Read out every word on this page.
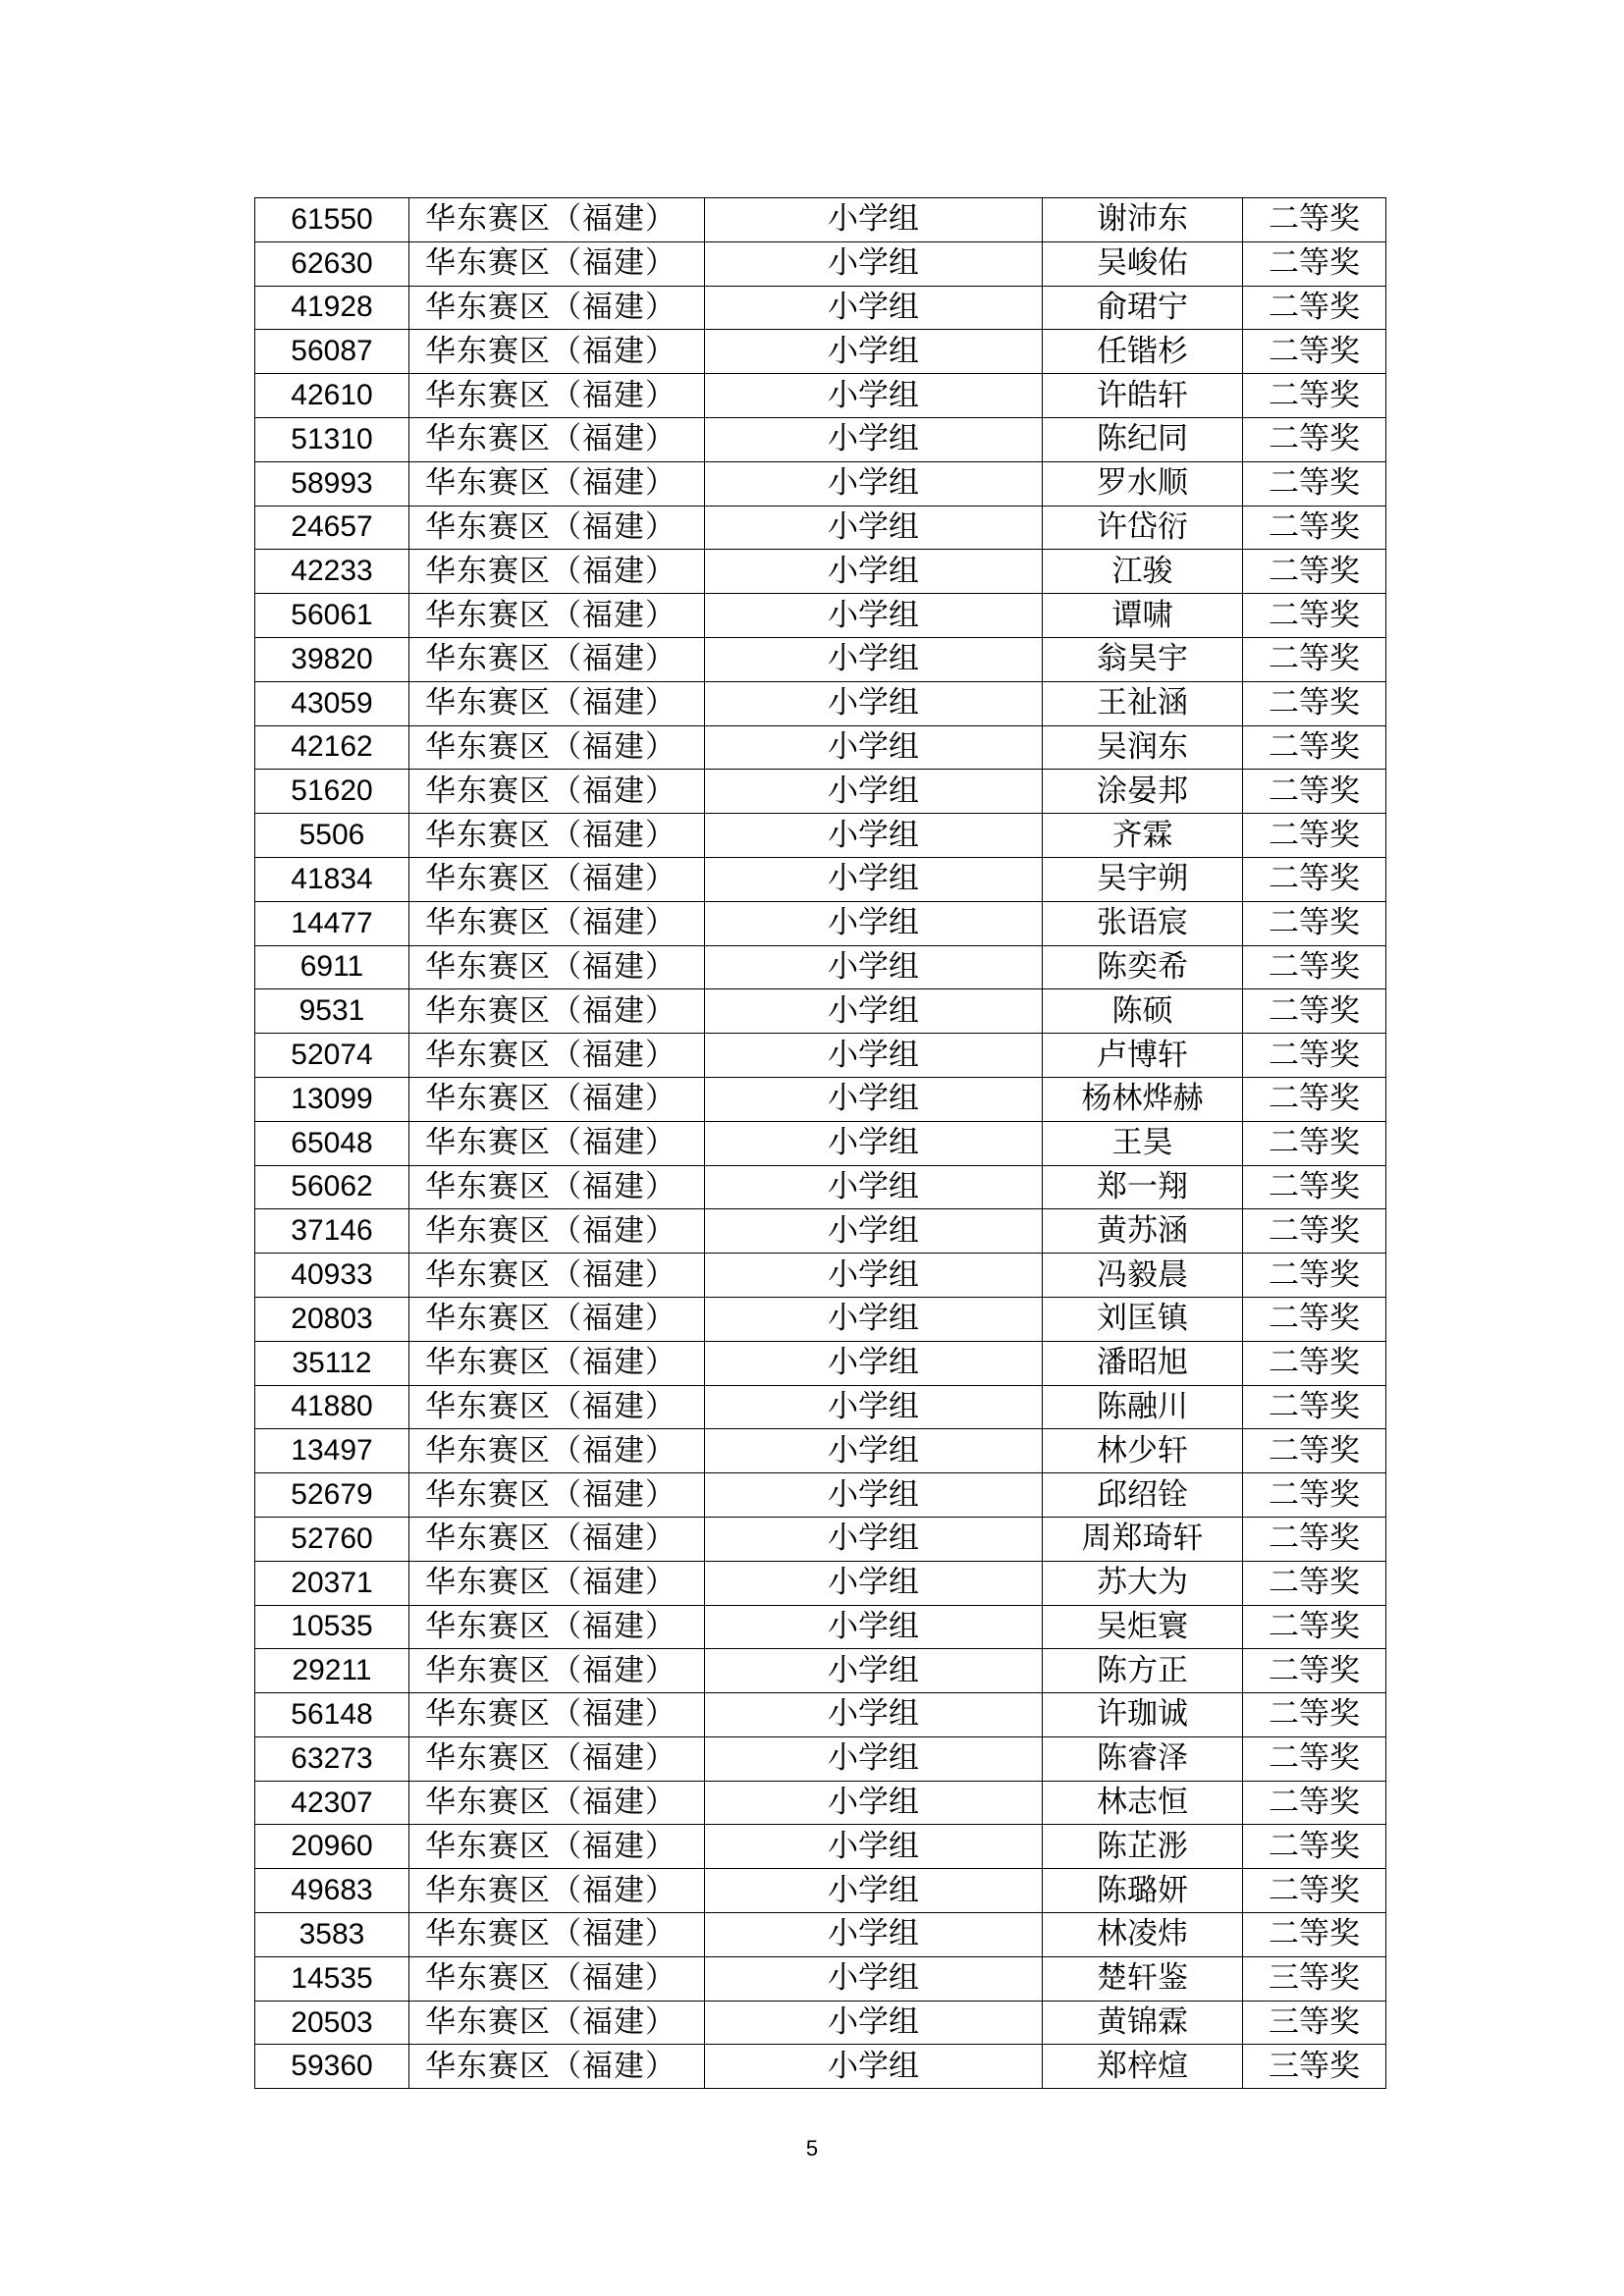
61550	华东赛区（福建）	小学组	谢沛东	二等奖
62630	华东赛区（福建）	小学组	吴峻佑	二等奖
41928	华东赛区（福建）	小学组	俞珺宁	二等奖
56087	华东赛区（福建）	小学组	任锴杉	二等奖
42610	华东赛区（福建）	小学组	许皓轩	二等奖
51310	华东赛区（福建）	小学组	陈纪同	二等奖
58993	华东赛区（福建）	小学组	罗水顺	二等奖
24657	华东赛区（福建）	小学组	许岱衍	二等奖
42233	华东赛区（福建）	小学组	江骏	二等奖
56061	华东赛区（福建）	小学组	谭啸	二等奖
39820	华东赛区（福建）	小学组	翁昊宇	二等奖
43059	华东赛区（福建）	小学组	王祉涵	二等奖
42162	华东赛区（福建）	小学组	吴润东	二等奖
51620	华东赛区（福建）	小学组	涂晏邦	二等奖
5506	华东赛区（福建）	小学组	齐霖	二等奖
41834	华东赛区（福建）	小学组	吴宇朔	二等奖
14477	华东赛区（福建）	小学组	张语宸	二等奖
6911	华东赛区（福建）	小学组	陈奕希	二等奖
9531	华东赛区（福建）	小学组	陈硕	二等奖
52074	华东赛区（福建）	小学组	卢博轩	二等奖
13099	华东赛区（福建）	小学组	杨林烨赫	二等奖
65048	华东赛区（福建）	小学组	王昊	二等奖
56062	华东赛区（福建）	小学组	郑一翔	二等奖
37146	华东赛区（福建）	小学组	黄苏涵	二等奖
40933	华东赛区（福建）	小学组	冯毅晨	二等奖
20803	华东赛区（福建）	小学组	刘匡镇	二等奖
35112	华东赛区（福建）	小学组	潘昭旭	二等奖
41880	华东赛区（福建）	小学组	陈融川	二等奖
13497	华东赛区（福建）	小学组	林少轩	二等奖
52679	华东赛区（福建）	小学组	邱绍铨	二等奖
52760	华东赛区（福建）	小学组	周郑琦轩	二等奖
20371	华东赛区（福建）	小学组	苏大为	二等奖
10535	华东赛区（福建）	小学组	吴炬寰	二等奖
29211	华东赛区（福建）	小学组	陈方正	二等奖
56148	华东赛区（福建）	小学组	许珈诚	二等奖
63273	华东赛区（福建）	小学组	陈睿泽	二等奖
42307	华东赛区（福建）	小学组	林志恒	二等奖
20960	华东赛区（福建）	小学组	陈芷浵	二等奖
49683	华东赛区（福建）	小学组	陈璐妍	二等奖
3583	华东赛区（福建）	小学组	林凌炜	二等奖
14535	华东赛区（福建）	小学组	楚轩鉴	三等奖
20503	华东赛区（福建）	小学组	黄锦霖	三等奖
59360	华东赛区（福建）	小学组	郑梓煊	三等奖
5
